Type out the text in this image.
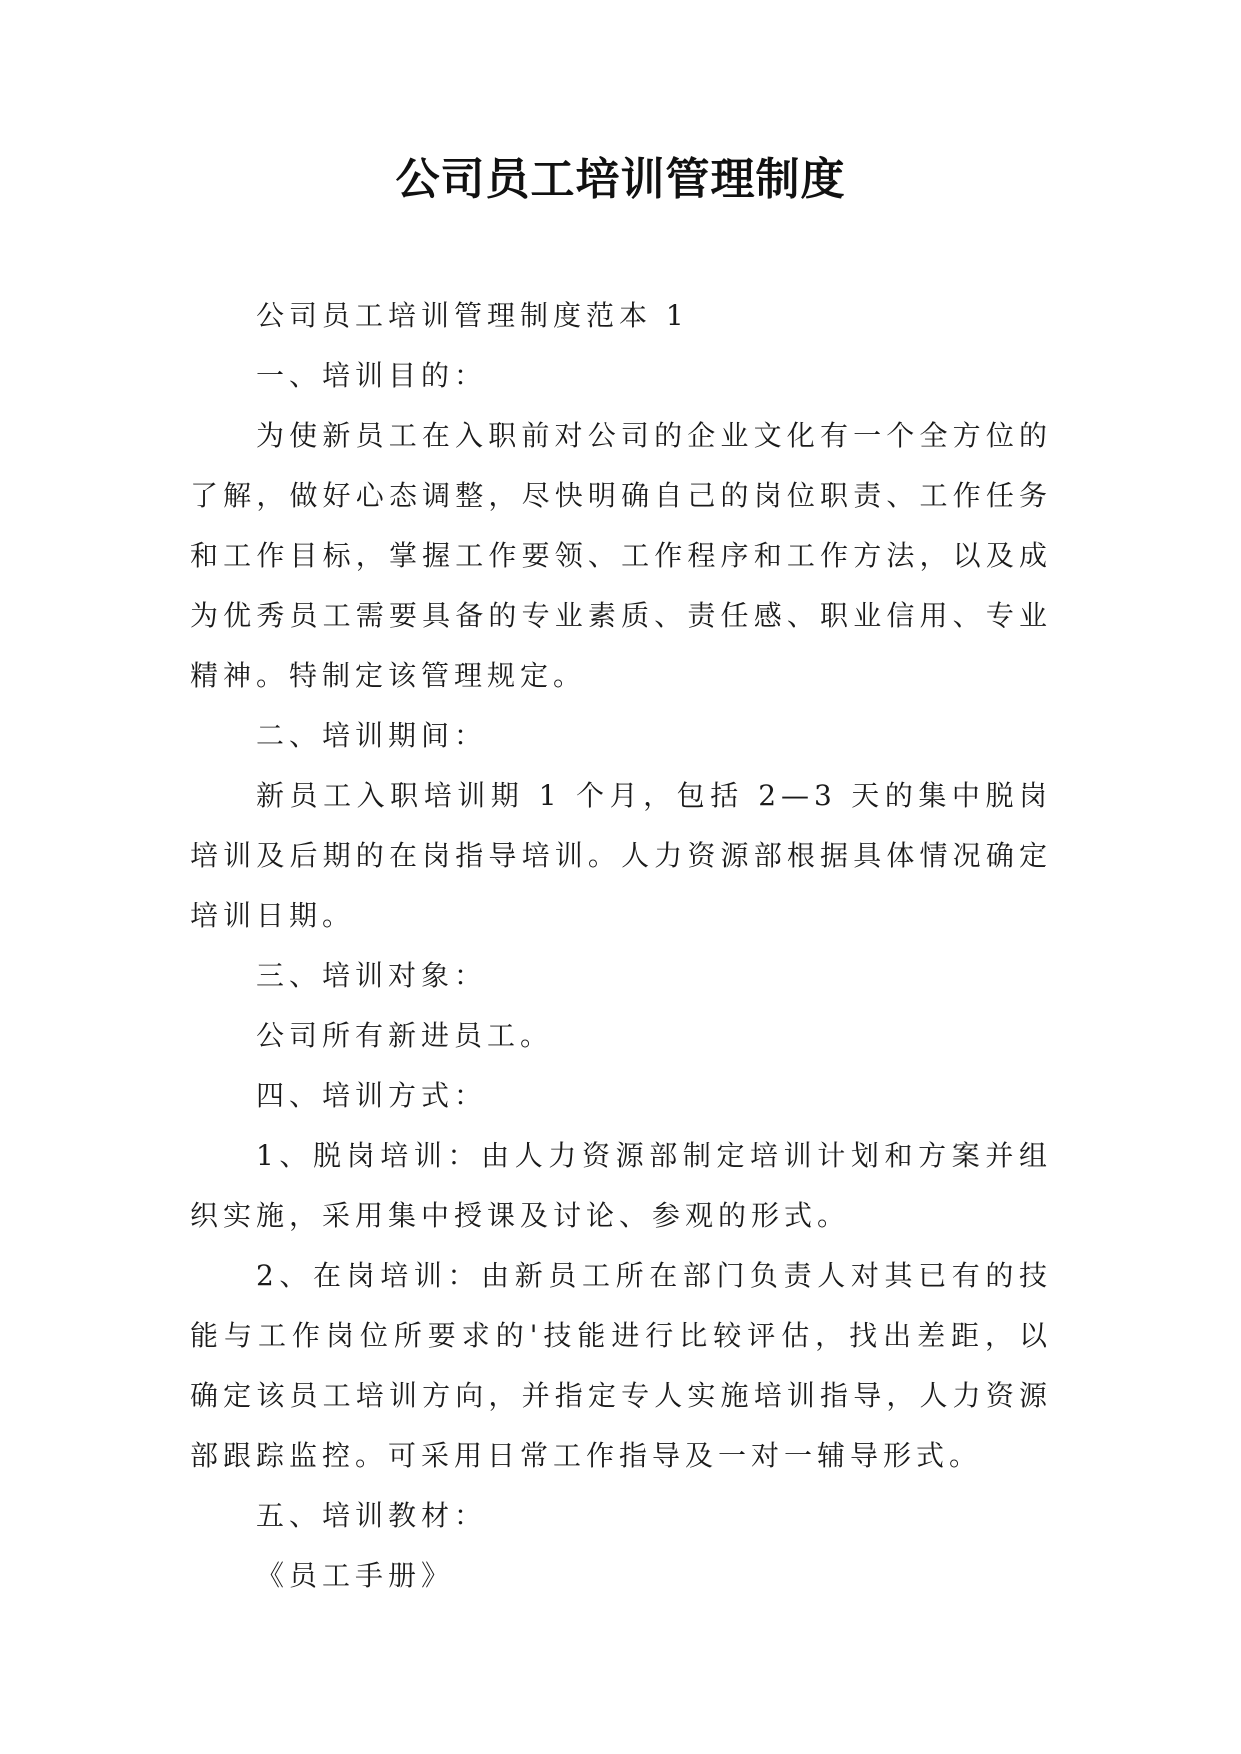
公司员工培训管理制度

公司员工培训管理制度范本 1

一、培训目的：

为使新员工在入职前对公司的企业文化有一个全方位的了解，做好心态调整，尽快明确自己的岗位职责、工作任务和工作目标，掌握工作要领、工作程序和工作方法，以及成为优秀员工需要具备的专业素质、责任感、职业信用、专业精神。特制定该管理规定。

二、培训期间：

新员工入职培训期 1 个月，包括 2—3 天的集中脱岗培训及后期的在岗指导培训。人力资源部根据具体情况确定培训日期。

三、培训对象：

公司所有新进员工。

四、培训方式：

1、脱岗培训：由人力资源部制定培训计划和方案并组织实施，采用集中授课及讨论、参观的形式。

2、在岗培训：由新员工所在部门负责人对其已有的技能与工作岗位所要求的'技能进行比较评估，找出差距，以确定该员工培训方向，并指定专人实施培训指导，人力资源部跟踪监控。可采用日常工作指导及一对一辅导形式。

五、培训教材：

《员工手册》
